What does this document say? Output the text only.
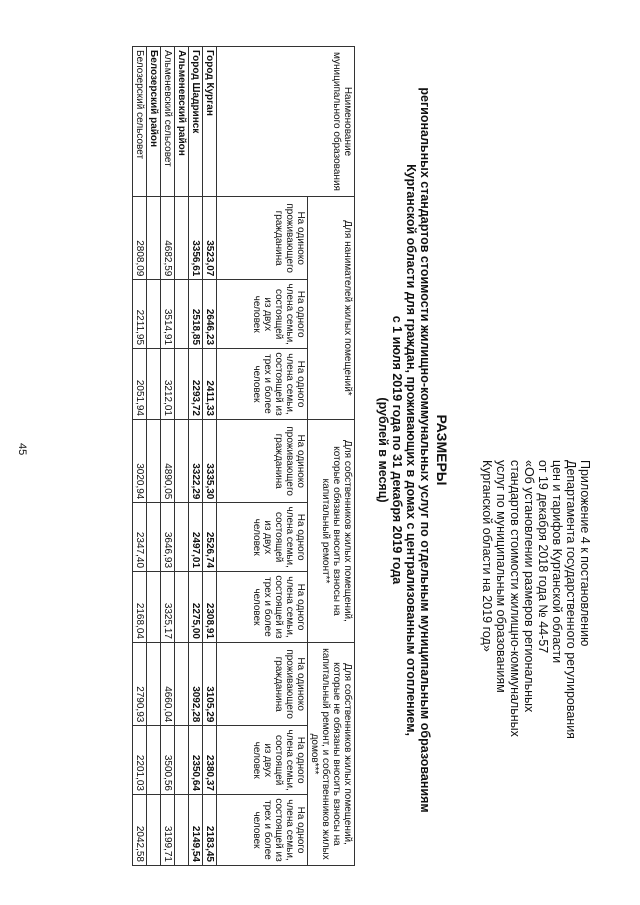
45
Приложение 4 к постановлению
Департамента государственного регулирования
цен и тарифов Курганской области
от 19 декабря 2018 года № 44-57
«Об установлении размеров региональных
стандартов стоимости жилищно-коммунальных
услуг по муниципальным образованиям
Курганской области на 2019 год»
РАЗМЕРЫ
региональных стандартов стоимости жилищно-коммунальных услуг по отдельным муниципальным образованиям
Курганской области для граждан, проживающих в домах с централизованным отоплением,
с 1 июля 2019 года по 31 декабря 2019 года
(рублей в месяц)
Наименование муниципального образования	Для нанимателей жилых помещений*			Для собственников жилых помещений, которые обязаны вносить взносы на капитальный ремонт**			Для собственников жилых помещений, которые не обязаны вносить взносы на капитальный ремонт, и собственников жилых домов***		
	На одиноко проживающего гражданина	На одного члена семьи, состоящей из двух человек	На одного члена семьи, состоящей из трех и более человек	На одиноко проживающего гражданина	На одного члена семьи, состоящей из двух человек	На одного члена семьи, состоящей из трех и более человек	На одиноко проживающего гражданина	На одного члена семьи, состоящей из двух человек	На одного члена семьи, состоящей из трех и более человек
Город Курган	3523,07	2646,23	2411,33	3335,30	2526,74	2308,91	3105,29	2380,37	2183,45
Город Шадринск	3356,61	2518,85	2293,72	3322,29	2497,01	2275,00	3092,28	2350,64	2149,54
Альменевский район									
Альменевский сельсовет	4682,59	3514,91	3212,01	4890,05	3646,93	3325,17	4660,04	3500,56	3199,71
Белозерский район									
Белозерский сельсовет	2808,09	2211,95	2051,94	3020,94	2347,40	2168,04	2790,93	2201,03	2042,58
